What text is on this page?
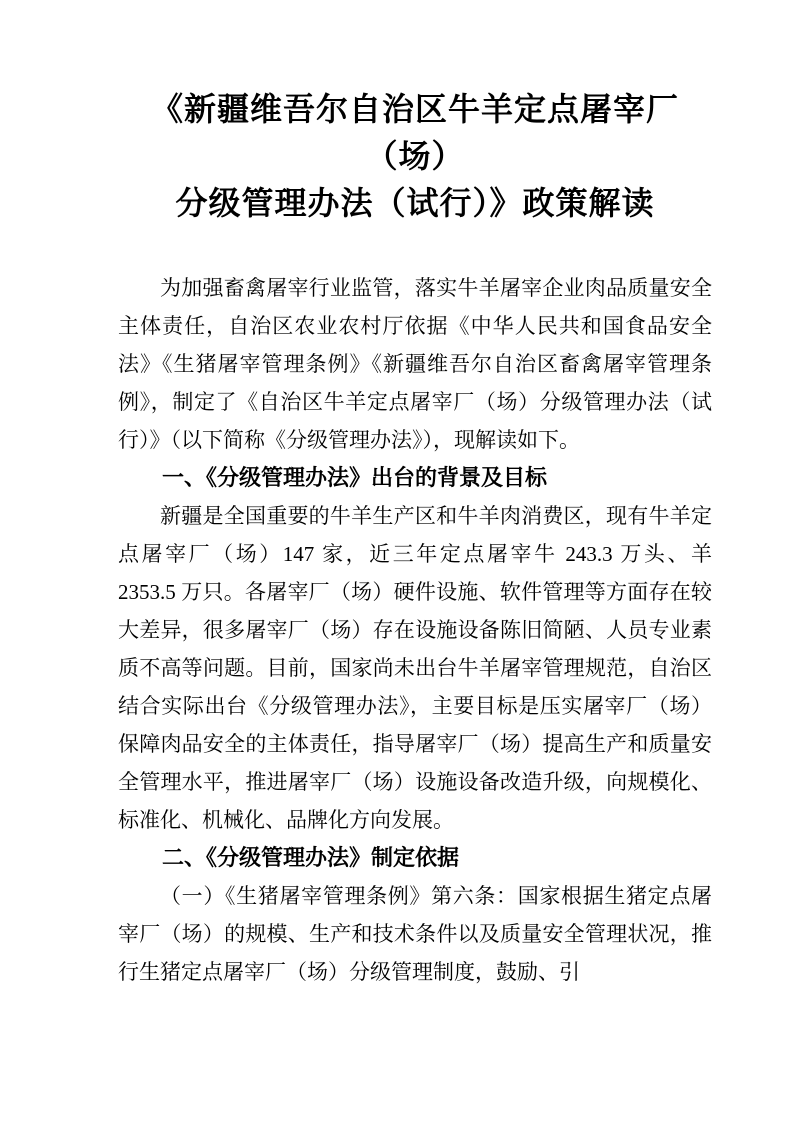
《新疆维吾尔自治区牛羊定点屠宰厂（场）
分级管理办法（试行）》政策解读

为加强畜禽屠宰行业监管，落实牛羊屠宰企业肉品质量安全主体责任，自治区农业农村厅依据《中华人民共和国食品安全法》《生猪屠宰管理条例》《新疆维吾尔自治区畜禽屠宰管理条例》，制定了《自治区牛羊定点屠宰厂（场）分级管理办法（试行）》（以下简称《分级管理办法》），现解读如下。

一、《分级管理办法》出台的背景及目标

新疆是全国重要的牛羊生产区和牛羊肉消费区，现有牛羊定点屠宰厂（场）147 家，近三年定点屠宰牛 243.3 万头、羊 2353.5 万只。各屠宰厂（场）硬件设施、软件管理等方面存在较大差异，很多屠宰厂（场）存在设施设备陈旧简陋、人员专业素质不高等问题。目前，国家尚未出台牛羊屠宰管理规范，自治区结合实际出台《分级管理办法》，主要目标是压实屠宰厂（场）保障肉品安全的主体责任，指导屠宰厂（场）提高生产和质量安全管理水平，推进屠宰厂（场）设施设备改造升级，向规模化、标准化、机械化、品牌化方向发展。

二、《分级管理办法》制定依据

（一）《生猪屠宰管理条例》第六条：国家根据生猪定点屠宰厂（场）的规模、生产和技术条件以及质量安全管理状况，推行生猪定点屠宰厂（场）分级管理制度，鼓励、引
